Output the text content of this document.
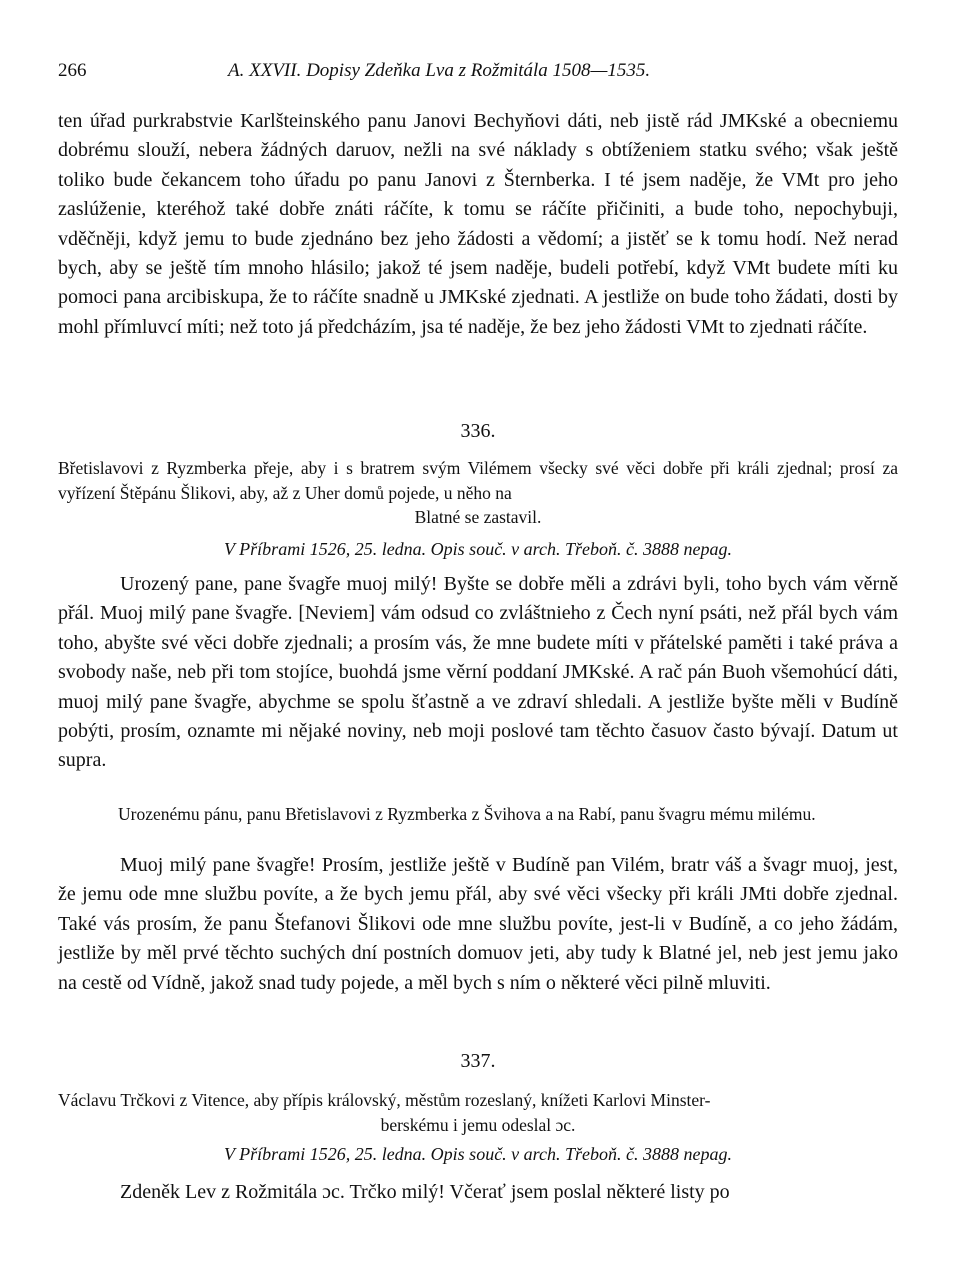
266	A. XXVII. Dopisy Zdeňka Lva z Rožmitála 1508—1535.
ten úřad purkrabstvie Karlšteinského panu Janovi Bechyňovi dáti, neb jistě rád JMKské a obecniemu dobrému slouží, nebera žádných daruov, nežli na své náklady s obtíženiem statku svého; však ještě toliko bude čekancem toho úřadu po panu Janovi z Šternberka. I té jsem naděje, že VMt pro jeho zaslúženie, kteréhož také dobře znáti ráčíte, k tomu se ráčíte přičiniti, a bude toho, nepochybuji, vděčněji, když jemu to bude zjednáno bez jeho žádosti a vědomí; a jistěť se k tomu hodí. Než nerad bych, aby se ještě tím mnoho hlásilo; jakož té jsem naděje, budeli potřebí, když VMt budete míti ku pomoci pana arcibiskupa, že to ráčíte snadně u JMKské zjednati. A jestliže on bude toho žádati, dosti by mohl přímluvcí míti; než toto já předcházím, jsa té naděje, že bez jeho žádosti VMt to zjednati ráčíte.
336.

Břetislavovi z Ryzmberka přeje, aby i s bratrem svým Vilémem všecky své věci dobře při králi zjednal; prosí za vyřízení Štěpánu Šlikovi, aby, až z Uher domů pojede, u něho na

Blatné se zastavil.

V Příbrami 1526, 25. ledna. Opis souč. v arch. Třeboň. č. 3888 nepag.
Urozený pane, pane švagře muoj milý! Byšte se dobře měli a zdrávi byli, toho bych vám věrně přál. Muoj milý pane švagře. [Neviem] vám odsud co zvláštnieho z Čech nyní psáti, než přál bych vám toho, abyšte své věci dobře zjednali; a prosím vás, že mne budete míti v přátelské paměti i také práva a svobody naše, neb při tom stojíce, buohdá jsme věrní poddaní JMKské. A rač pán Buoh všemohúcí dáti, muoj milý pane švagře, abychme se spolu šťastně a ve zdraví shledali. A jestliže byšte měli v Budíně pobýti, prosím, oznamte mi nějaké noviny, neb moji poslové tam těchto časuov často bývají. Datum ut supra.
Urozenému pánu, panu Břetislavovi z Ryzmberka z Švihova a na Rabí, panu švagru mému milému.
Muoj milý pane švagře! Prosím, jestliže ještě v Budíně pan Vilém, bratr váš a švagr muoj, jest, že jemu ode mne službu povíte, a že bych jemu přál, aby své věci všecky při králi JMti dobře zjednal. Také vás prosím, že panu Štefanovi Šlikovi ode mne službu povíte, jest-li v Budíně, a co jeho žádám, jestliže by měl prvé těchto suchých dní postních domuov jeti, aby tudy k Blatné jel, neb jest jemu jako na cestě od Vídně, jakož snad tudy pojede, a měl bych s ním o některé věci pilně mluviti.
337.

Václavu Trčkovi z Vitence, aby přípis královský, městům rozeslaný, knížeti Karlovi Minster-

berskému i jemu odeslal ɔc.

V Příbrami 1526, 25. ledna. Opis souč. v arch. Třeboň. č. 3888 nepag.
Zdeněk Lev z Rožmitála ɔc. Trčko milý! Včerať jsem poslal některé listy po
